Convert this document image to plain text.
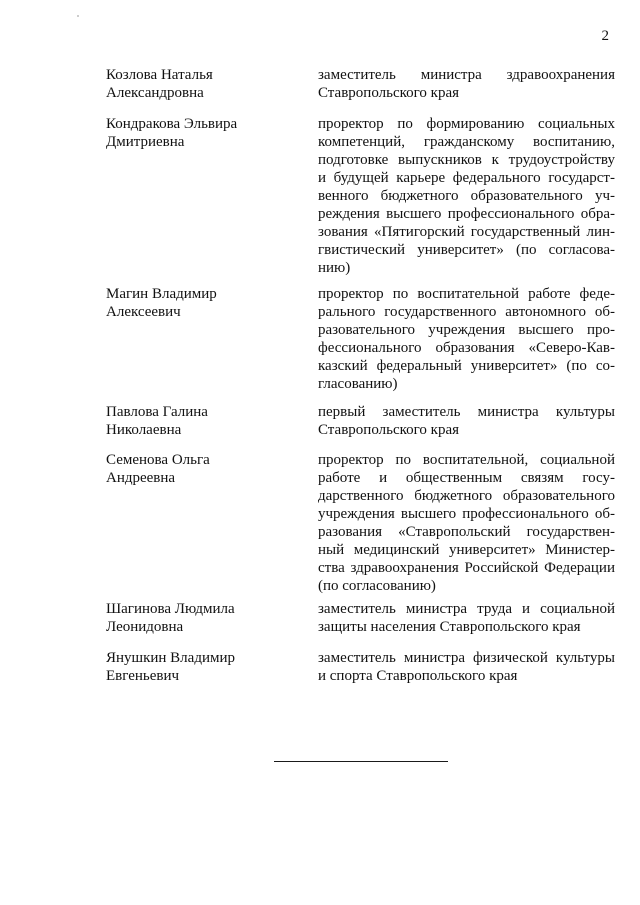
2
Козлова Наталья
Александровна
заместитель министра здравоохранения
Ставропольского края
Кондракова Эльвира
Дмитриевна
проректор по формированию социальных
компетенций, гражданскому воспитанию,
подготовке выпускников к трудоустройству
и будущей карьере федерального государст-
венного бюджетного образовательного уч-
реждения высшего профессионального обра-
зования «Пятигорский государственный лин-
гвистический университет» (по согласова-
нию)
Магин Владимир
Алексеевич
проректор по воспитательной работе феде-
рального государственного автономного об-
разовательного учреждения высшего про-
фессионального образования «Северо-Кав-
казский федеральный университет» (по со-
гласованию)
Павлова Галина
Николаевна
первый заместитель министра культуры
Ставропольского края
Семенова Ольга
Андреевна
проректор по воспитательной, социальной
работе и общественным связям госу-
дарственного бюджетного образовательного
учреждения высшего профессионального об-
разования «Ставропольский государствен-
ный медицинский университет» Министер-
ства здравоохранения Российской Федерации
(по согласованию)
Шагинова Людмила
Леонидовна
заместитель министра труда и социальной
защиты населения Ставропольского края
Янушкин Владимир
Евгеньевич
заместитель министра физической культуры
и спорта Ставропольского края
